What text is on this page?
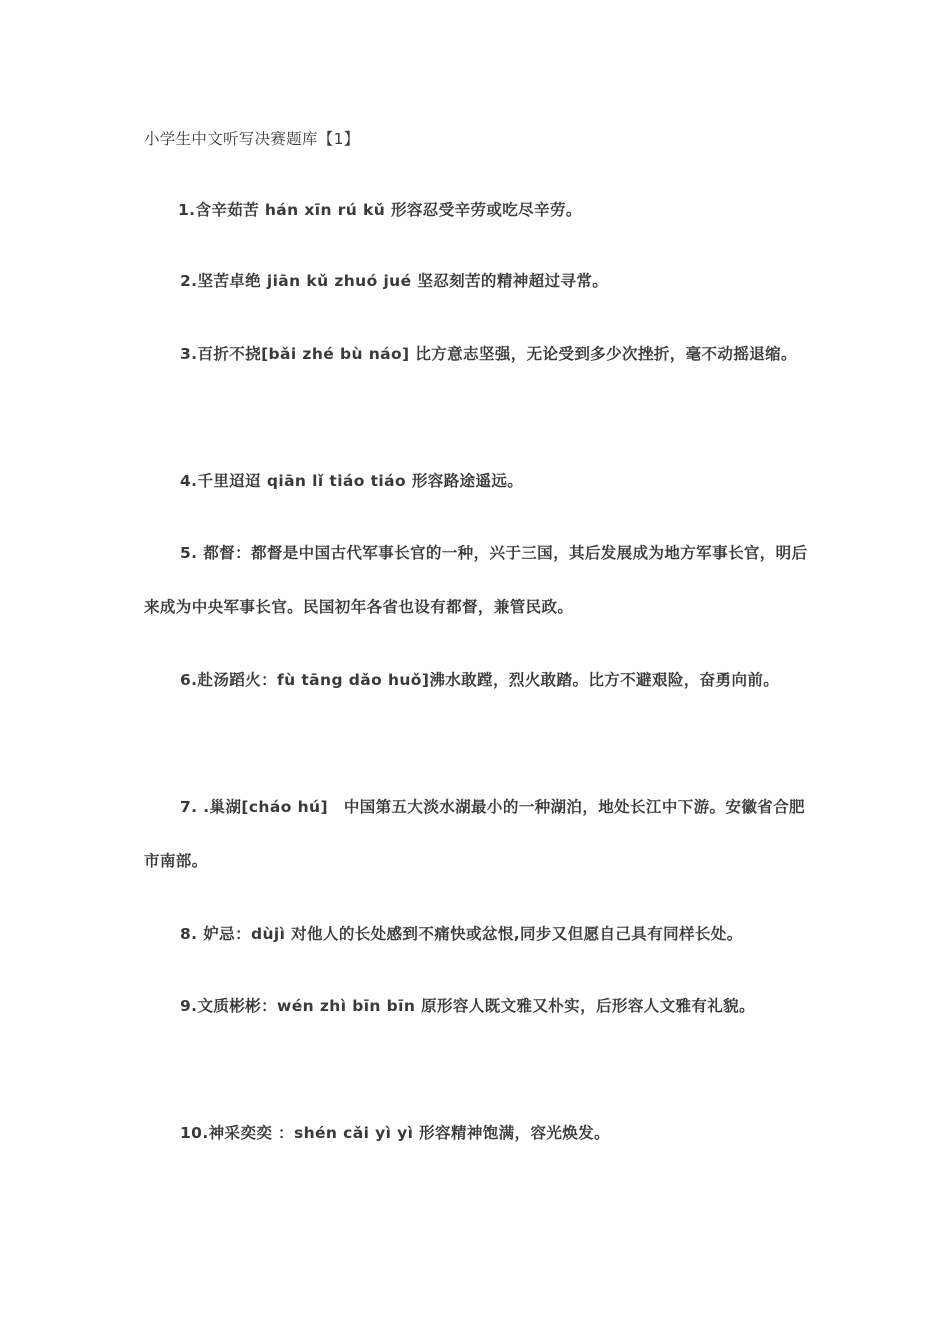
小学生中文听写决赛题库【1】
1.含辛茹苦 hán xīn rú kǔ 形容忍受辛劳或吃尽辛劳。
2.坚苦卓绝 jiān kǔ zhuó jué 坚忍刻苦的精神超过寻常。
3.百折不挠[bǎi zhé bù náo] 比方意志坚强，无论受到多少次挫折，毫不动摇退缩。
4.千里迢迢 qiān lǐ tiáo tiáo 形容路途遥远。
5. 都督：都督是中国古代军事长官的一种，兴于三国，其后发展成为地方军事长官，明后来成为中央军事长官。民国初年各省也设有都督，兼管民政。
6.赴汤蹈火：fù tāng dǎo huǒ]沸水敢蹚，烈火敢踏。比方不避艰险，奋勇向前。
7. .巢湖[cháo hú]　中国第五大淡水湖最小的一种湖泊，地处长江中下游。安徽省合肥市南部。
8. 妒忌：dùjì 对他人的长处感到不痛快或忿恨,同步又但愿自己具有同样长处。
9.文质彬彬：wén zhì bīn bīn 原形容人既文雅又朴实，后形容人文雅有礼貌。
10.神采奕奕 ：shén cǎi yì yì 形容精神饱满，容光焕发。
